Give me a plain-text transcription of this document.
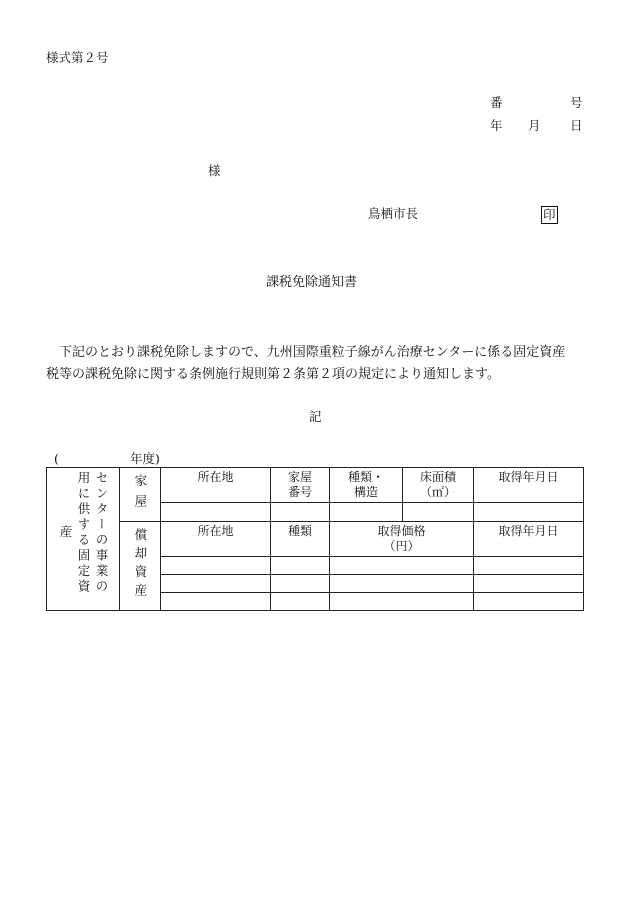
様式第２号
番	号
年 月 日
様
鳥栖市長	印
課税免除通知書

　下記のとおり課税免除しますので、九州国際重粒子線がん治療センターに係る固定資産

税等の課税免除に関する条例施行規則第２条第２項の規定により通知します。

記
(	年度)
センターの事業の用に供する固定資産	家屋	所在地	家屋番号	種類・構造	床面積（㎡）	取得年月日

	償却資産	所在地	種類	取得価格（円）		取得年月日
